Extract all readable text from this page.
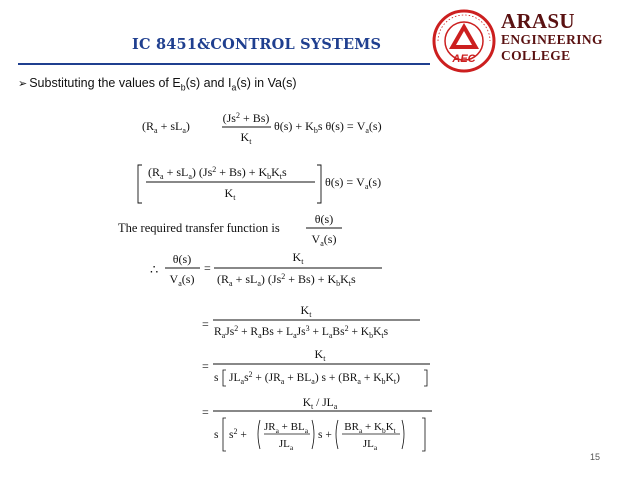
IC 8451&CONTROL SYSTEMS
AEC
ARASU
ENGINEERING
COLLEGE
➢ Substituting the values of $E_b(s)$ and $I_a(s)$ in Va(s)
$(R_a + sL_a)$
$(Js^2 + Bs)$
$K_t$
$\theta(s) + K_bs$ $\theta(s) = V_a(s)$
$(R_a + sL_a) (Js^2 + Bs) + K_bK_ts$
$K_t$
$\theta(s) = V_a(s)$
The required transfer function is
θ(s)
$V_a(s)$
∴
θ(s)
$V_a(s)$
=
$K_t$
$(R_a + sL_a) (Js^2 + Bs) + K_bK_ts$
=
$K_t$
$R_aJs^2 + R_aBs + L_aJs^3 + L_aBs^2 + K_bK_ts$
=
$K_t$
s $JL_as^2 + (JR_a + BL_a) s + (BR_a + K_bK_t)$
=
$K_t / JL_a$
s $s^2$ +
$JR_a + BL_a$
$JL_a$
s +
$BR_a + K_bK_t$
$JL_a$
15
